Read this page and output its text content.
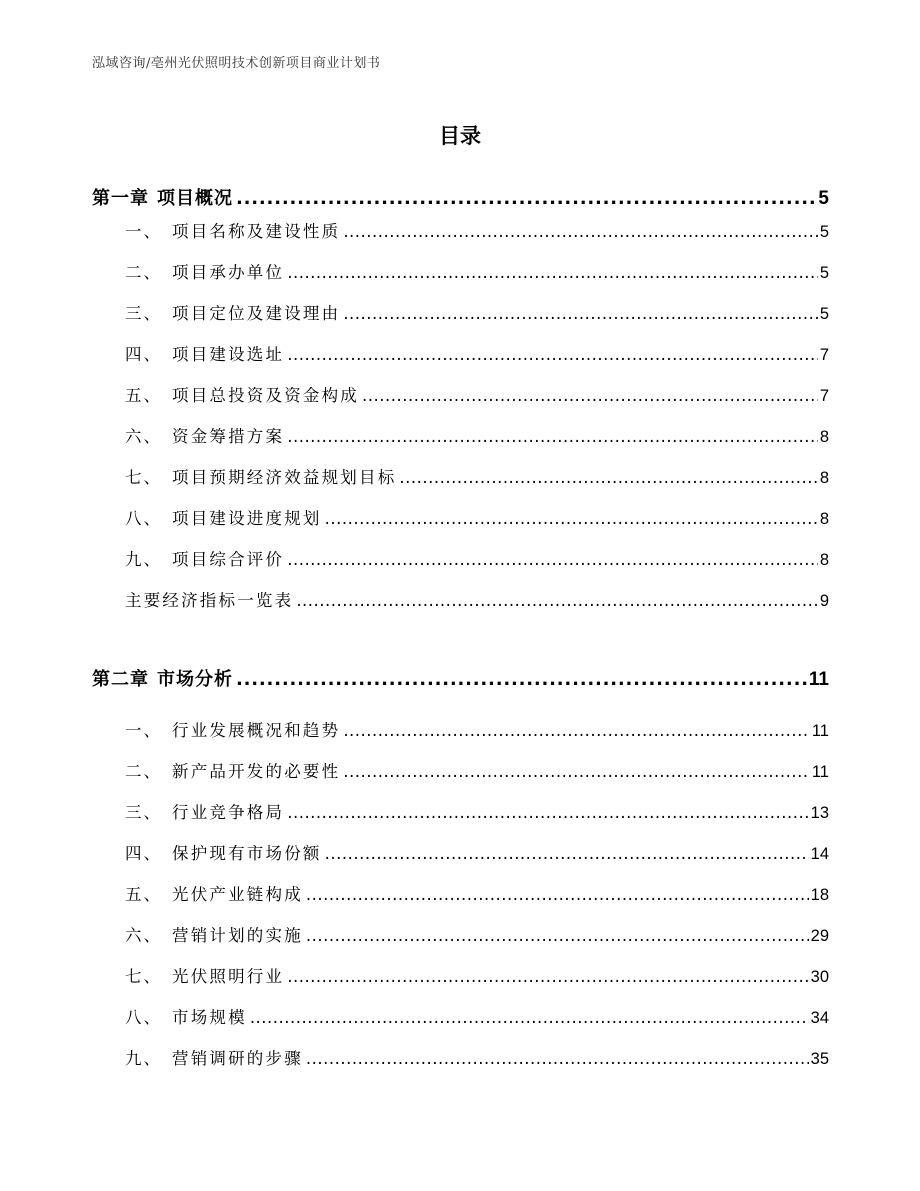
泓域咨询/亳州光伏照明技术创新项目商业计划书
目录
第一章 项目概况 .....	5
一、 项目名称及建设性质 .....	5
二、 项目承办单位 .....	5
三、 项目定位及建设理由 .....	5
四、 项目建设选址 .....	7
五、 项目总投资及资金构成 .....	7
六、 资金筹措方案 .....	8
七、 项目预期经济效益规划目标 .....	8
八、 项目建设进度规划 .....	8
九、 项目综合评价 .....	8
主要经济指标一览表 .....	9
第二章 市场分析 .....	11
一、 行业发展概况和趋势 .....	11
二、 新产品开发的必要性 .....	11
三、 行业竞争格局 .....	13
四、 保护现有市场份额 .....	14
五、 光伏产业链构成 .....	18
六、 营销计划的实施 .....	29
七、 光伏照明行业 .....	30
八、 市场规模 .....	34
九、 营销调研的步骤 .....	35
